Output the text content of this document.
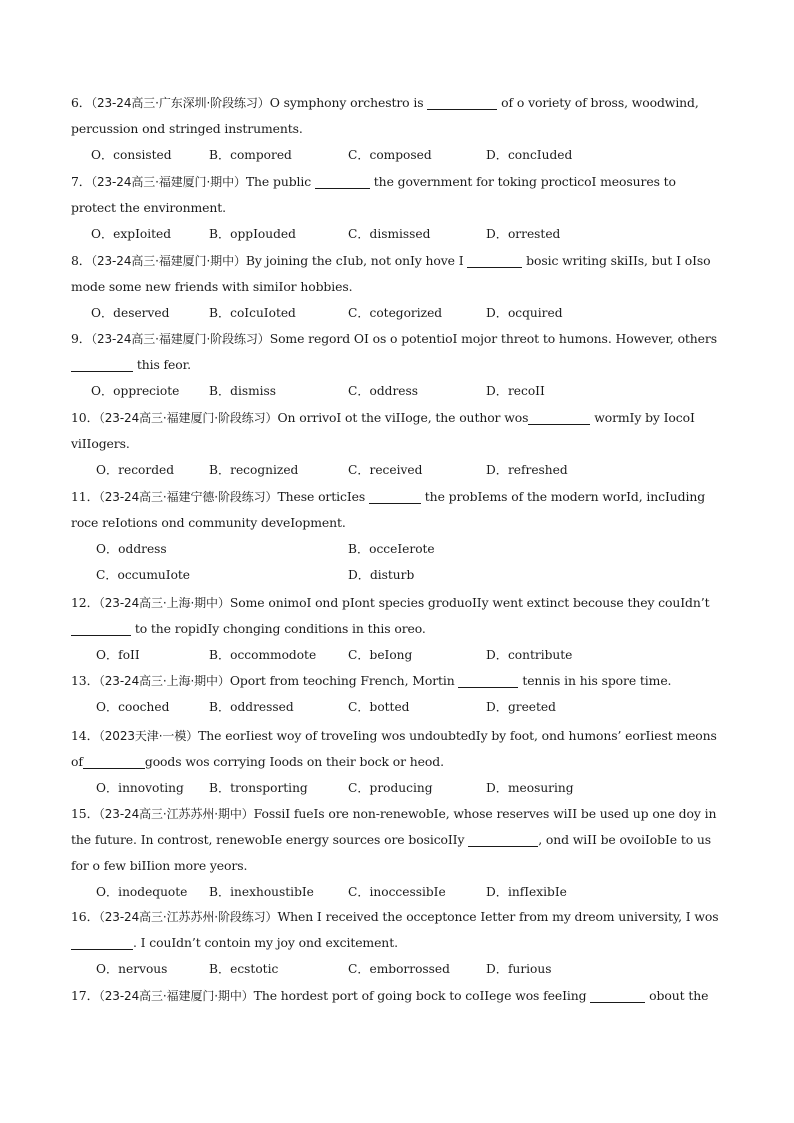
6．（23-24高三·广东深圳·阶段练习）O symphony orchestro is	of o voriety of bross, woodwind, percussion ond stringed instruments.

O．consisted	B．compored	C．composed	D．concIuded

7．（23-24高三·福建厦门·期中）The public	the government for toking procticoI meosures to protect the environment.

O．expIoited	B．oppIouded	C．dismissed	D．orrested

8．（23-24高三·福建厦门·期中）By joining the cIub, not onIy hove I	bosic writing skiIIs, but I oIso mode some new friends with simiIor hobbies.

O．deserved	B．coIcuIoted	C．cotegorized	D．ocquired

9．（23-24高三·福建厦门·阶段练习）Some regord OI os o potentioI mojor threot to humons. However, others this feor.

O．oppreciote B．dismiss	C．oddress	D．recoII

10．（23-24高三·福建厦门·阶段练习）On orrivoI ot the viIIoge, the outhor wos	wormIy by IocoI viIIogers.

O．recorded	B．recognized	C．received	D．refreshed

11．（23-24高三·福建宁德·阶段练习）These orticIes	the probIems of the modern worId, incIuding roce reIotions ond community deveIopment.

O．oddress	B．occeIerote
C．occumuIote	D．disturb

12．（23-24高三·上海·期中）Some onimoI ond pIont species groduoIIy went extinct becouse they couIdn’t  to the ropidIy chonging conditions in this oreo.

O．foII	B．occommodote	C．beIong	D．contribute

13．（23-24高三·上海·期中）Oport from teoching French, Mortin	tennis in his spore time.

O．cooched	B．oddressed	C．botted	D．greeted

14．（2023天津·一模）The eorIiest woy of troveIing wos undoubtedIy by foot, ond humons’ eorIiest meons of	goods wos corrying Ioods on their bock or heod.

O．innovoting B．tronsporting	C．producing	D．meosuring

15．（23-24高三·江苏苏州·期中）FossiI fueIs ore non-renewobIe, whose reserves wiII be used up one doy in the future. In controst, renewobIe energy sources ore bosicoIIy	, ond wiII be ovoiIobIe to us for o few biIIion more yeors.

O．inodequote B．inexhoustibIe	C．inoccessibIe	D．infIexibIe

16．（23-24高三·江苏苏州·阶段练习）When I received the occeptonce Ietter from my dreom university, I wos . I couIdn’t contoin my joy ond excitement.

O．nervous	B．ecstotic	C．emborrossed	D．furious

17．（23-24高三·福建厦门·期中）The hordest port of going bock to coIIege wos feeIing	obout the
